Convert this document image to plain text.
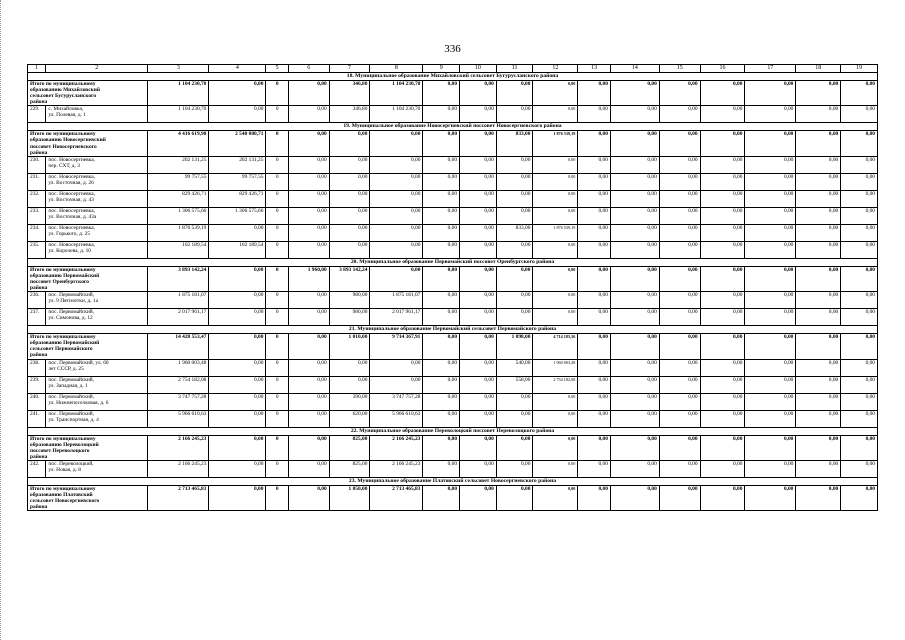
336
1	2	3	4	5	6	7	8	9	10	11	12	13	14	15	16	17	18	19
18. Муниципальное образование Михайловский сельсовет Бугурусланского района																		

Итого по муниципальному
образованию Михайловский
сельсовет Бугурусланского
района		1 104 230,70	0,00	0	0,00	346,80	1 104 230,70	0,00	0,00	0,00	0,00	0,00	0,00	0,00	0,00	0,00	0,00	0,00
229.	с. Михайловка,
ул. Полевая, д. 1	1 104 230,70	0,00	0	0,00	346,80	1 104 230,70	0,00	0,00	0,00	0,00	0,00	0,00	0,00	0,00	0,00	0,00	0,00
19. Муниципальное образование Новосергиевский поссовет Новосергиевского района																		

Итого по муниципальному
образованию Новосергиевский
поссовет Новосергиевского
района		4 416 619,90	2 540 080,71	0	0,00	0,00	0,00	0,00	0,00	833,00	1 876 539,19	0,00	0,00	0,00	0,00	0,00	0,00	0,00
230.	пос. Новосергиевка,
пер. СХТ, д. 3	202 131,25	202 131,25	0	0,00	0,00	0,00	0,00	0,00	0,00	0,00	0,00	0,00	0,00	0,00	0,00	0,00	0,00
231.	пос. Новосергиевка,
ул. Восточная, д. 26	99 757,55	99 757,55	0	0,00	0,00	0,00	0,00	0,00	0,00	0,00	0,00	0,00	0,00	0,00	0,00	0,00	0,00
232.	пос. Новосергиевка,
ул. Восточная, д. 43	829 426,71	829 426,71	0	0,00	0,00	0,00	0,00	0,00	0,00	0,00	0,00	0,00	0,00	0,00	0,00	0,00	0,00
233.	пос. Новосергиевка,
ул. Восточная, д. 43а	1 306 575,66	1 306 575,66	0	0,00	0,00	0,00	0,00	0,00	0,00	0,00	0,00	0,00	0,00	0,00	0,00	0,00	0,00
234.	пос. Новосергиевка,
ул. Горького, д. 25	1 876 539,19	0,00	0	0,00	0,00	0,00	0,00	0,00	833,00	1 876 539,19	0,00	0,00	0,00	0,00	0,00	0,00	0,00
235.	пос. Новосергиевка,
ул. Королева, д. 10	102 189,54	102 189,54	0	0,00	0,00	0,00	0,00	0,00	0,00	0,00	0,00	0,00	0,00	0,00	0,00	0,00	0,00
20. Муниципальное образование Первомайский поссовет Оренбургского района																		

Итого по муниципальному
образованию Первомайский
поссовет Оренбургского
района		3 893 142,24	0,00	0	1 960,00	3 893 142,24	0,00	0,00	0,00	0,00	0,00	0,00	0,00	0,00	0,00	0,00	0,00	0,00
236.	пос. Первомайский,
ул. 9 Пятилетки, д. 1а	1 875 181,07	0,00	0	0,00	980,00	1 875 181,07	0,00	0,00	0,00	0,00	0,00	0,00	0,00	0,00	0,00	0,00	0,00
237.	пос. Первомайский,
ул. Симонова, д. 12	2 017 961,17	0,00	0	0,00	980,00	2 017 961,17	0,00	0,00	0,00	0,00	0,00	0,00	0,00	0,00	0,00	0,00	0,00
21. Муниципальное образование Первомайский сельсовет Первомайского района																		

Итого по муниципальному
образованию Первомайский
сельсовет Первомайского
района		14 428 553,47	0,00	0	0,00	1 010,00	9 714 367,91	0,00	0,00	1 098,00	4 714 185,56	0,00	0,00	0,00	0,00	0,00	0,00	0,00
238.	пос. Первомайский, ул. 60
лет СССР, д. 25	1 960 003,48	0,00	0	0,00	0,00	0,00	0,00	0,00	540,00	1 960 003,48	0,00	0,00	0,00	0,00	0,00	0,00	0,00
239.	пос. Первомайский,
ул. Западная, д. 1	2 754 182,08	0,00	0	0,00	0,00	0,00	0,00	0,00	558,00	2 754 182,08	0,00	0,00	0,00	0,00	0,00	0,00	0,00
240.	пос. Первомайский,
ул. Нижнепоселковая, д. 6	3 747 757,28	0,00	0	0,00	390,00	3 747 757,28	0,00	0,00	0,00	0,00	0,00	0,00	0,00	0,00	0,00	0,00	0,00
241.	пос. Первомайский,
ул. Транспортная, д. 4	5 966 610,63	0,00	0	0,00	620,00	5 966 610,63	0,00	0,00	0,00	0,00	0,00	0,00	0,00	0,00	0,00	0,00	0,00
22. Муниципальное образование Переволоцкий поссовет Переволоцкого района																		

Итого по муниципальному
образованию Переволоцкий
поссовет Переволоцкого
района		2 166 245,23	0,00	0	0,00	825,00	2 166 245,23	0,00	0,00	0,00	0,00	0,00	0,00	0,00	0,00	0,00	0,00	0,00
242.	пос. Переволоцкий,
ул. Новая, д. 8	2 166 245,23	0,00	0	0,00	825,00	2 166 245,23	0,00	0,00	0,00	0,00	0,00	0,00	0,00	0,00	0,00	0,00	0,00
23. Муниципальное образование Платовский сельсовет Новосергиевского района																		

Итого по муниципальному
образованию Платовский
сельсовет Новосергиевского
района		2 713 465,83	0,00	0	0,00	1 050,00	2 713 465,83	0,00	0,00	0,00	0,00	0,00	0,00	0,00	0,00	0,00	0,00	0,00
